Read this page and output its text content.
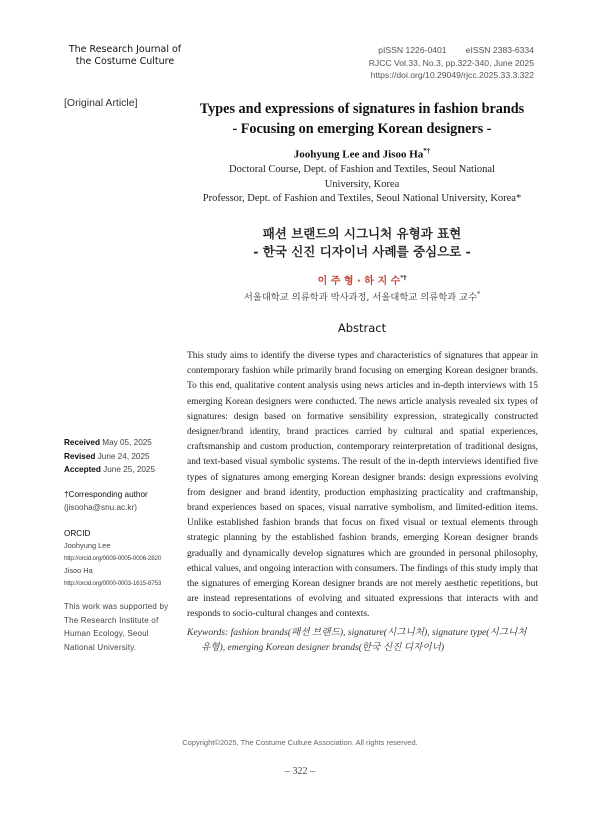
The Research Journal of
the Costume Culture
pISSN 1226-0401        eISSN 2383-6334
RJCC Vol.33, No.3, pp.322-340, June 2025
https://doi.org/10.29049/rjcc.2025.33.3.322
[Original Article]	Types and expressions of signatures in fashion brands
- Focusing on emerging Korean designers -
Joohyung Lee and Jisoo Ha*†
Doctoral Course, Dept. of Fashion and Textiles, Seoul National
University, Korea
Professor, Dept. of Fashion and Textiles, Seoul National University, Korea*
패션 브랜드의 시그니처 유형과 표현
- 한국 신진 디자이너 사례를 중심으로 -
이 주 형 · 하 지 수*†
서울대학교 의류학과 박사과정, 서울대학교 의류학과 교수*
Abstract
This study aims to identify the diverse types and characteristics of signatures that appear in contemporary fashion while primarily brand focusing on emerging Korean designer brands. To this end, qualitative content analysis using news articles and in-depth interviews with 15 emerging Korean designers were conducted. The news article analysis revealed six types of signatures: design based on formative sensibility expression, strategically constructed designer/brand identity, brand practices carried by cultural and spatial experiences, craftsmanship and custom production, contemporary reinterpretation of traditional designs, and text-based visual symbolic systems. The result of the in-depth interviews identified five types of signatures among emerging Korean designer brands: design expressions evolving from designer and brand identity, production emphasizing practicality and craftmanship, brand experiences based on spaces, visual narrative symbolism, and limited-edition items. Unlike established fashion brands that focus on fixed visual or textual elements through strategic planning by the established fashion brands, emerging Korean designer brands gradually and dynamically develop signatures which are grounded in personal philosophy, ethical values, and ongoing interaction with consumers. The findings of this study imply that the signatures of emerging Korean designer brands are not merely aesthetic repetitions, but are instead representations of evolving and situated expressions that interacts with and responds to socio-cultural changes and contexts.
Keywords: fashion brands(패션 브랜드), signature(시그니처), signature type(시그니처
유형), emerging Korean designer brands(한국 신진 디자이너)
Received May 05, 2025
Revised June 24, 2025
Accepted June 25, 2025
†Corresponding author
(jisooha@snu.ac.kr)
ORCID
Joohyung Lee
http://orcid.org/0009-0005-0006-2820
Jisoo Ha
http://orcid.org/0000-0003-1615-8753
This work was supported by
The Research Institute of
Human Ecology, Seoul
National University.
Copyright©2025, The Costume Culture Association. All rights reserved.
– 322 –
